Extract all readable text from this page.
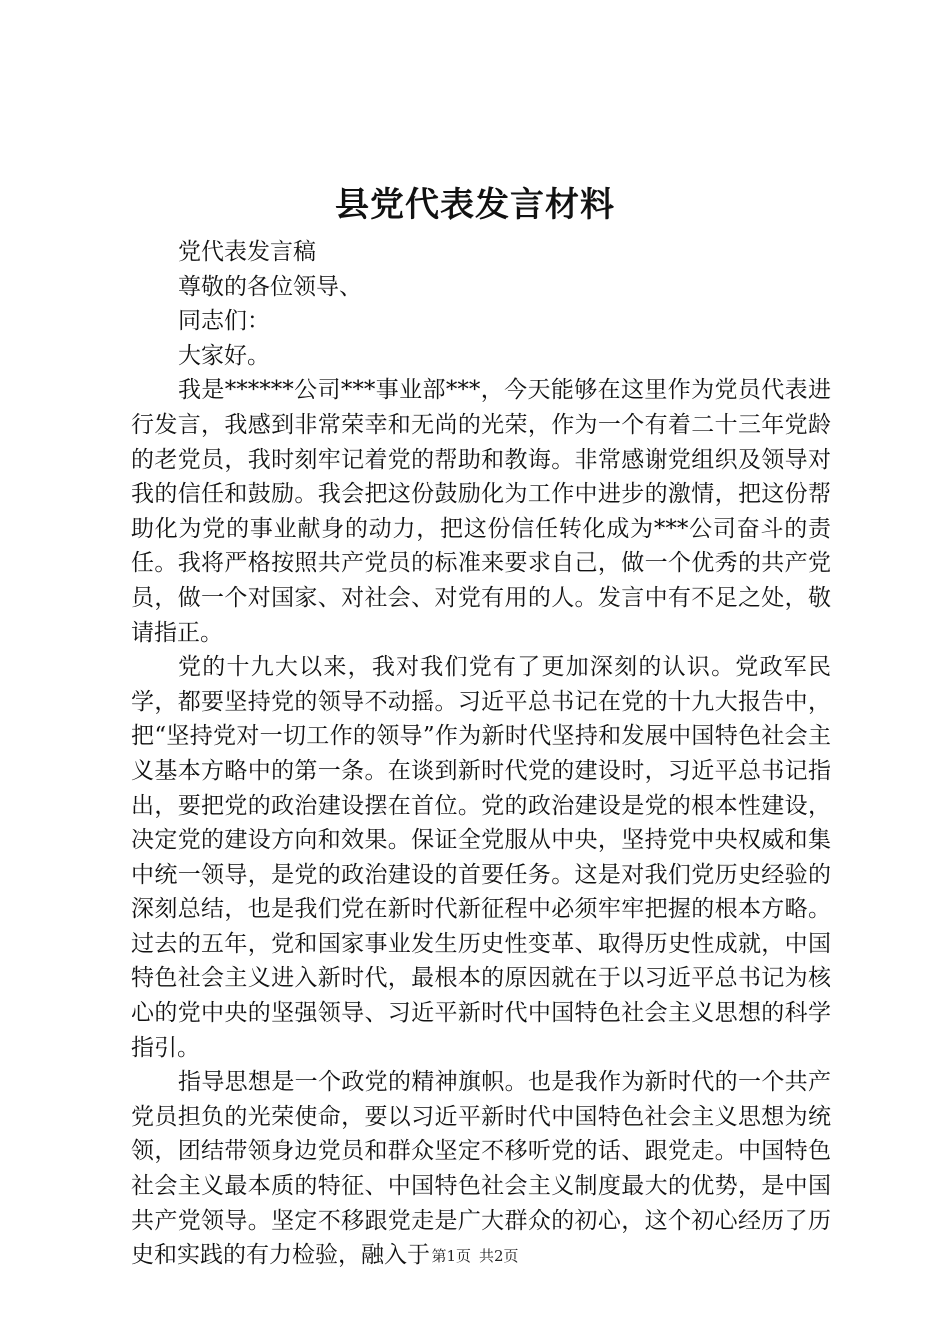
县党代表发言材料

党代表发言稿

尊敬的各位领导、

同志们：

大家好。

我是******公司***事业部***，今天能够在这里作为党员代表进行发言，我感到非常荣幸和无尚的光荣，作为一个有着二十三年党龄的老党员，我时刻牢记着党的帮助和教诲。非常感谢党组织及领导对我的信任和鼓励。我会把这份鼓励化为工作中进步的激情，把这份帮助化为党的事业献身的动力，把这份信任转化成为***公司奋斗的责任。我将严格按照共产党员的标准来要求自己，做一个优秀的共产党员，做一个对国家、对社会、对党有用的人。发言中有不足之处，敬请指正。

党的十九大以来，我对我们党有了更加深刻的认识。党政军民学，都要坚持党的领导不动摇。习近平总书记在党的十九大报告中，把“坚持党对一切工作的领导”作为新时代坚持和发展中国特色社会主义基本方略中的第一条。在谈到新时代党的建设时，习近平总书记指出，要把党的政治建设摆在首位。党的政治建设是党的根本性建设，决定党的建设方向和效果。保证全党服从中央，坚持党中央权威和集中统一领导，是党的政治建设的首要任务。这是对我们党历史经验的深刻总结，也是我们党在新时代新征程中必须牢牢把握的根本方略。过去的五年，党和国家事业发生历史性变革、取得历史性成就，中国特色社会主义进入新时代，最根本的原因就在于以习近平总书记为核心的党中央的坚强领导、习近平新时代中国特色社会主义思想的科学指引。

指导思想是一个政党的精神旗帜。也是我作为新时代的一个共产党员担负的光荣使命，要以习近平新时代中国特色社会主义思想为统领，团结带领身边党员和群众坚定不移听党的话、跟党走。中国特色社会主义最本质的特征、中国特色社会主义制度最大的优势，是中国共产党领导。坚定不移跟党走是广大群众的初心，这个初心经历了历史和实践的有力检验，融入于 第1页 共2页
